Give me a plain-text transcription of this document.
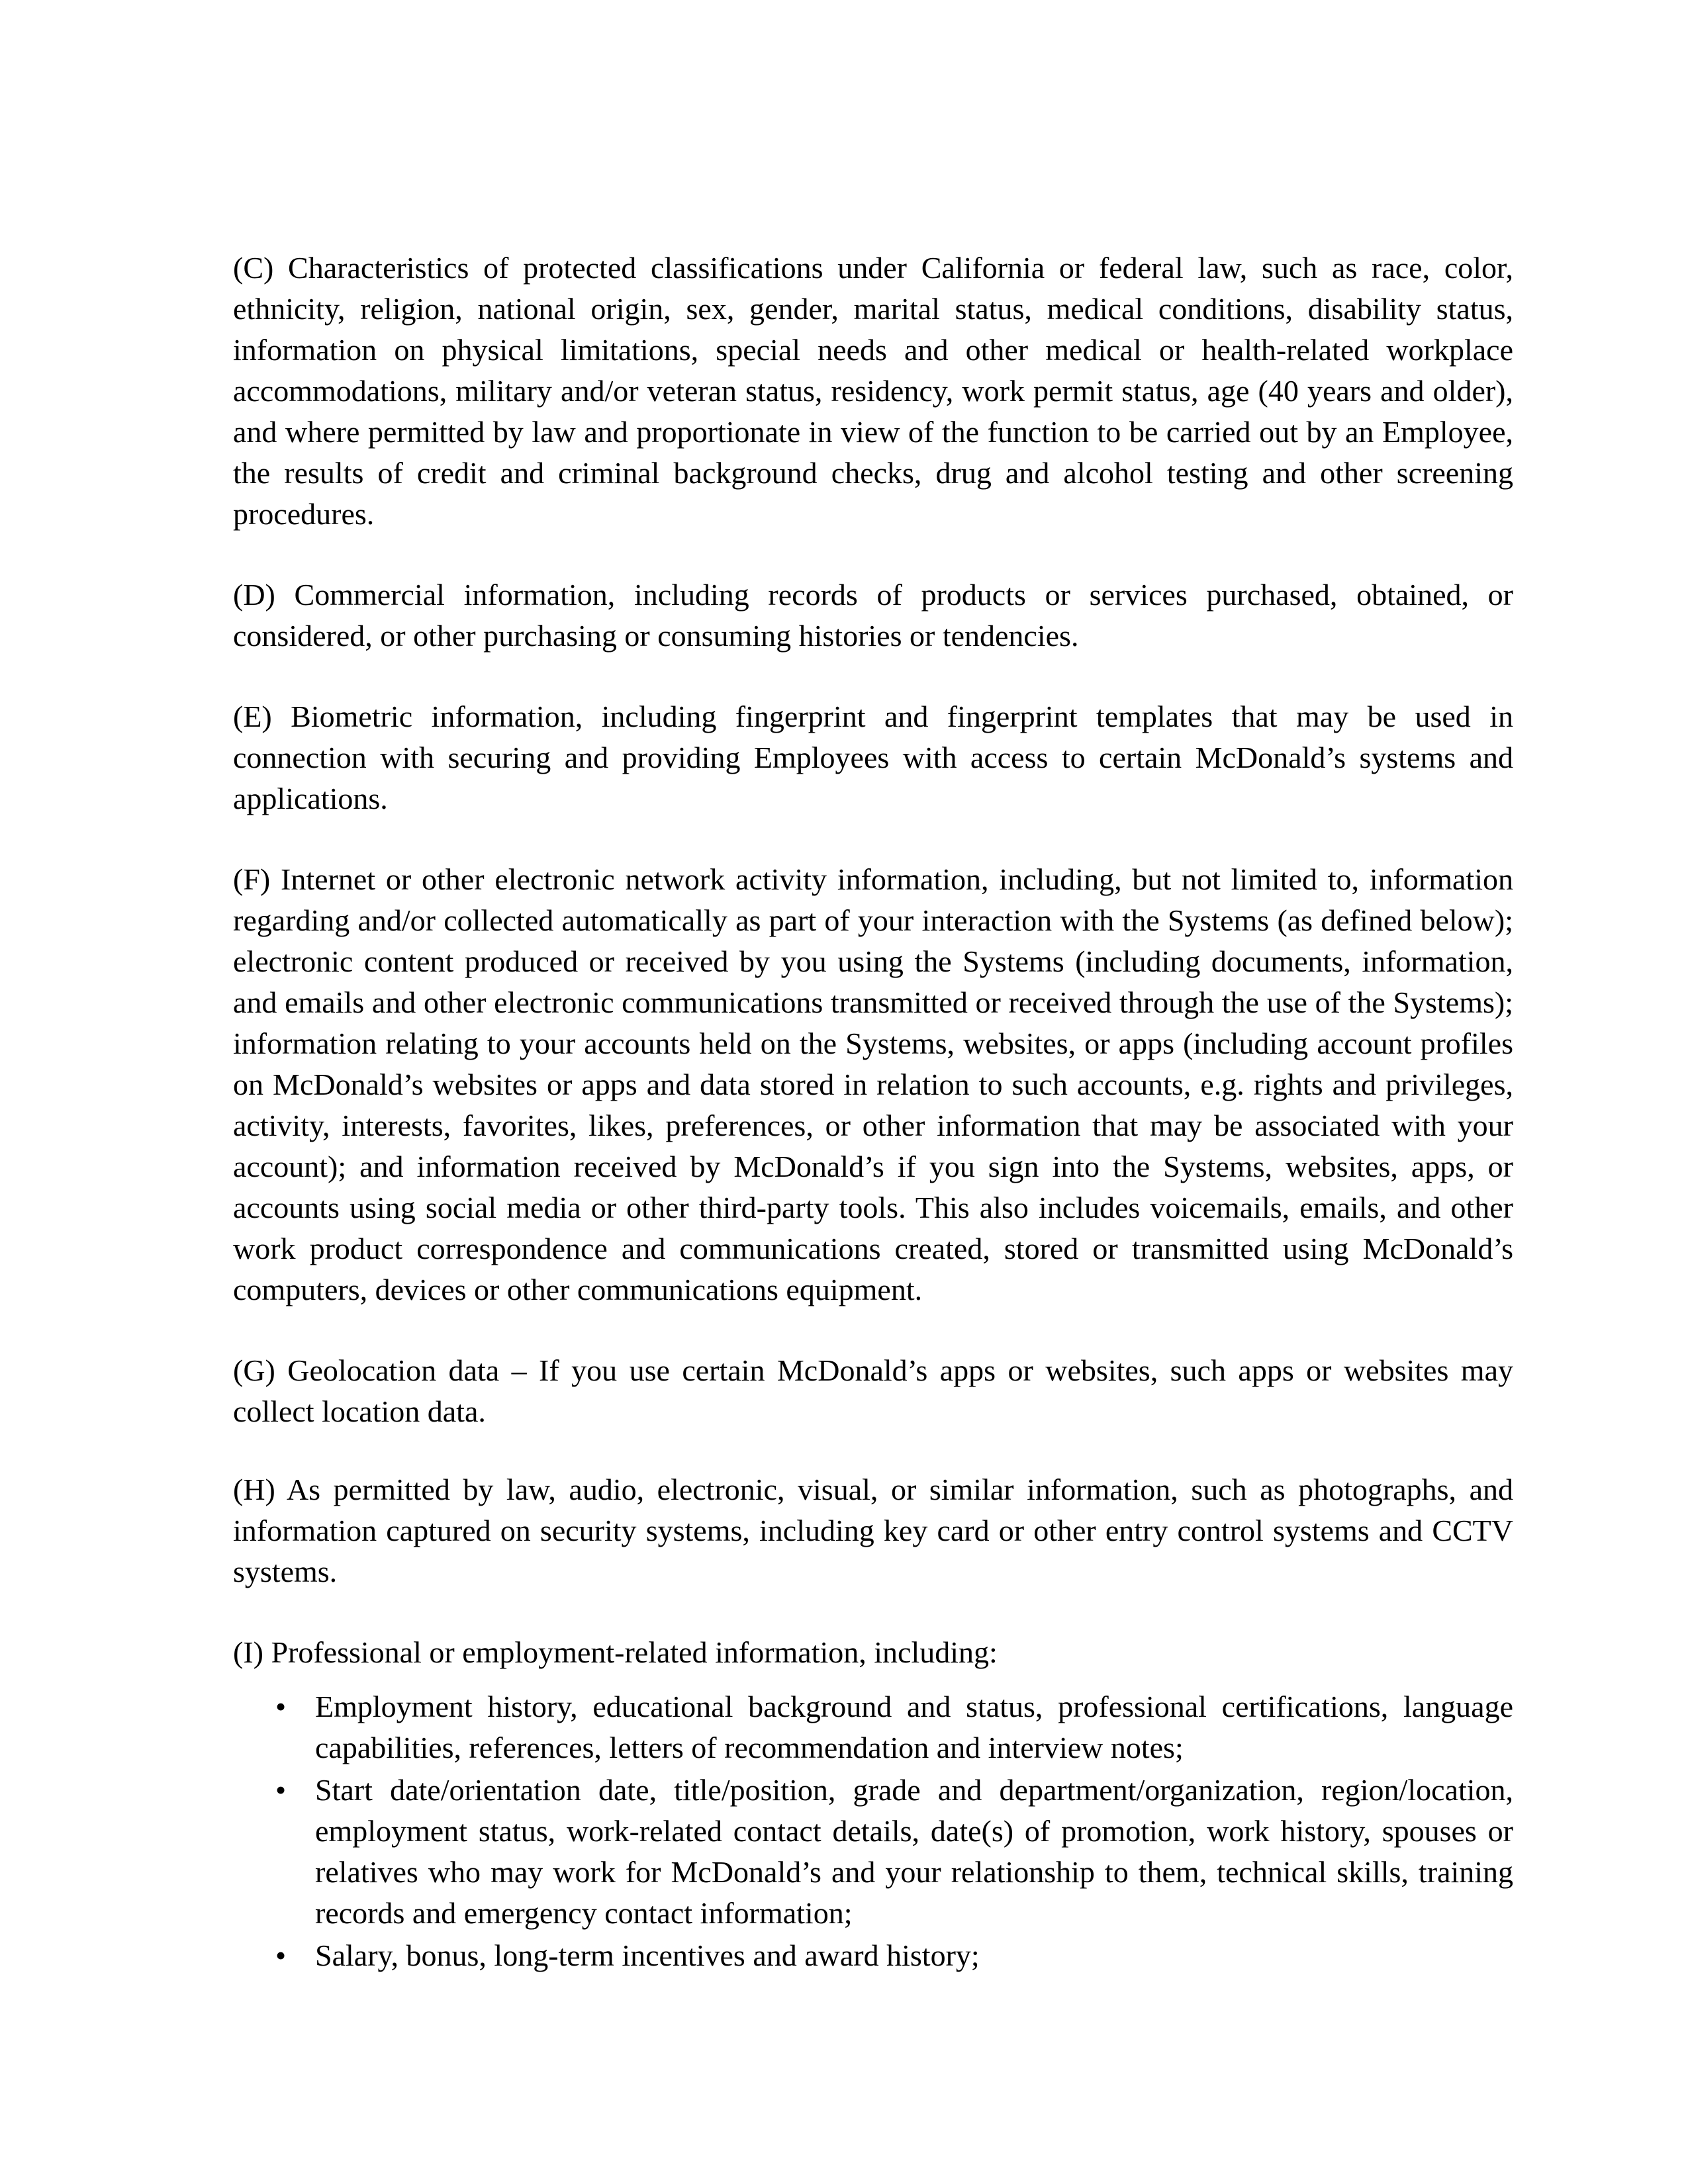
(C) Characteristics of protected classifications under California or federal law, such as race, color, ethnicity, religion, national origin, sex, gender, marital status, medical conditions, disability status, information on physical limitations, special needs and other medical or health-related workplace accommodations, military and/or veteran status, residency, work permit status, age (40 years and older), and where permitted by law and proportionate in view of the function to be carried out by an Employee, the results of credit and criminal background checks, drug and alcohol testing and other screening procedures.

(D) Commercial information, including records of products or services purchased, obtained, or considered, or other purchasing or consuming histories or tendencies.

(E) Biometric information, including fingerprint and fingerprint templates that may be used in connection with securing and providing Employees with access to certain McDonald’s systems and applications.

(F) Internet or other electronic network activity information, including, but not limited to, information regarding and/or collected automatically as part of your interaction with the Systems (as defined below); electronic content produced or received by you using the Systems (including documents, information, and emails and other electronic communications transmitted or received through the use of the Systems); information relating to your accounts held on the Systems, websites, or apps (including account profiles on McDonald’s websites or apps and data stored in relation to such accounts, e.g. rights and privileges, activity, interests, favorites, likes, preferences, or other information that may be associated with your account); and information received by McDonald’s if you sign into the Systems, websites, apps, or accounts using social media or other third-party tools. This also includes voicemails, emails, and other work product correspondence and communications created, stored or transmitted using McDonald’s computers, devices or other communications equipment.

(G) Geolocation data – If you use certain McDonald’s apps or websites, such apps or websites may collect location data.

(H) As permitted by law, audio, electronic, visual, or similar information, such as photographs, and information captured on security systems, including key card or other entry control systems and CCTV systems.

(I) Professional or employment-related information, including:

• Employment history, educational background and status, professional certifications, language capabilities, references, letters of recommendation and interview notes;
• Start date/orientation date, title/position, grade and department/organization, region/location, employment status, work-related contact details, date(s) of promotion, work history, spouses or relatives who may work for McDonald’s and your relationship to them, technical skills, training records and emergency contact information;
• Salary, bonus, long-term incentives and award history;
